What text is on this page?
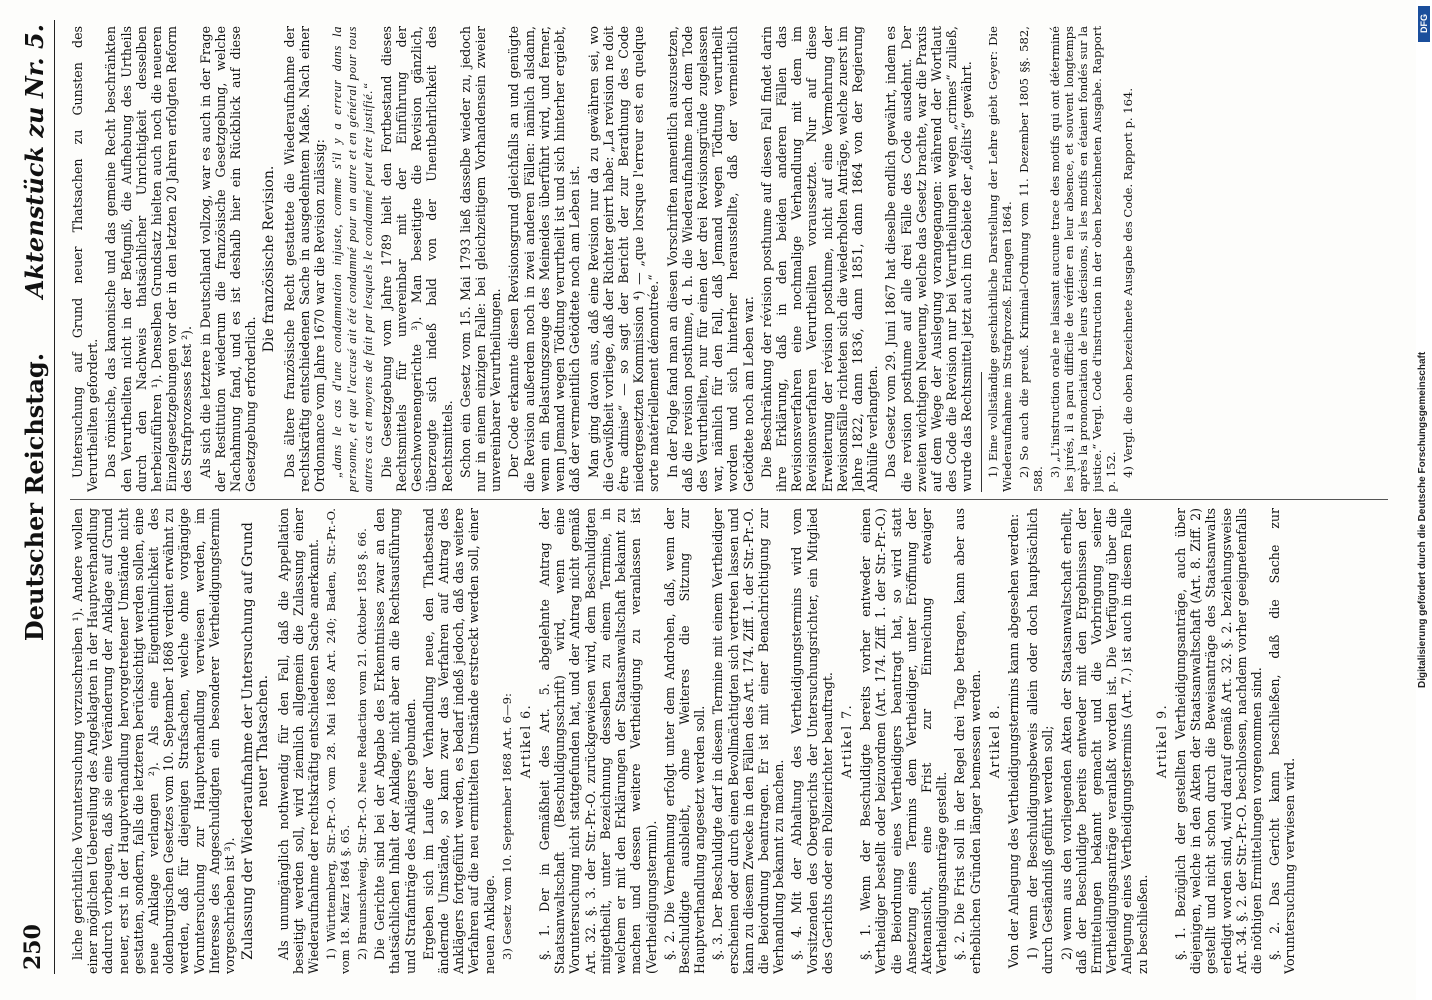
250
Deutscher Reichstag.
Aktenstück zu Nr. 5.

liche gerichtliche Voruntersuchung vorzuschreiben ¹). Andere wollen einer möglichen Uebereilung des Angeklagten in der Hauptverhandlung dadurch vorbeugen, daß sie eine Veränderung der Anklage auf Grund neuer, erst in der Hauptverhandlung hervorgetretener Umstände nicht gestatten, sondern, falls die letzteren berücksichtigt werden sollen, eine neue Anklage verlangen ²). Als eine Eigenthümlichkeit des oldenburgischen Gesetzes vom 10. September 1868 verdient erwähnt zu werden, daß für diejenigen Strafsachen, welche ohne vorgängige Voruntersuchung zur Hauptverhandlung verwiesen werden, im Interesse des Angeschuldigten ein besonderer Vertheidigungstermin vorgeschrieben ist ³). Zulassung der Wiederaufnahme der Untersuchung auf Grund neuer Thatsachen. Als unumgänglich nothwendig für den Fall, daß die Appellation beseitigt werden soll, wird ziemlich allgemein die Zulassung einer Wiederaufnahme der rechtskräftig entschiedenen Sache anerkannt. 1) Württemberg, Str.-Pr.-O. vom 28. Mai 1868 Art. 240; Baden, Str.-Pr.-O. vom 18. März 1864 §. 65. 2) Braunschweig, Str.-Pr.-O. Neue Redaction vom 21. Oktober 1858 §. 66. Die Gerichte sind bei der Abgabe des Erkenntnisses zwar an den thatsächlichen Inhalt der Anklage, nicht aber an die Rechtsausführung und Strafanträge des Anklägers gebunden. Ergeben sich im Laufe der Verhandlung neue, den Thatbestand ändernde Umstände, so kann zwar das Verfahren auf Antrag des Anklägers fortgeführt werden, es bedarf indeß jedoch, daß das weitere Verfahren auf die neu ermittelten Umstände erstreckt werden soll, einer neuen Anklage. 3) Gesetz vom 10. September 1868 Art. 6—9: Artikel 6. §. 1. Der in Gemäßheit des Art. 5. abgelehnte Antrag der Staatsanwaltschaft (Beschuldigungsschrift) wird, wenn eine Voruntersuchung nicht stattgefunden hat, und der Antrag nicht gemäß Art. 32. §. 3. der Str.-Pr.-O. zurückgewiesen wird, dem Beschuldigten mitgetheilt, unter Bezeichnung desselben zu einem Termine, in welchem er mit den Erklärungen der Staatsanwaltschaft bekannt zu machen und dessen weitere Vertheidigung zu veranlassen ist (Vertheidigungstermin). §. 2. Die Vernehmung erfolgt unter dem Androhen, daß, wenn der Beschuldigte ausbleibt, ohne Weiteres die Sitzung zur Hauptverhandlung angesetzt werden soll. §. 3. Der Beschuldigte darf in diesem Termine mit einem Vertheidiger erscheinen oder durch einen Bevollmächtigten sich vertreten lassen und kann zu diesem Zwecke in den Fällen des Art. 174. Ziff. 1. der Str.-Pr.-O. die Beiordnung beantragen. Er ist mit einer Benachrichtigung zur Verhandlung bekannt zu machen. §. 4. Mit der Abhaltung des Vertheidigungstermins wird vom Vorsitzenden des Obergerichts der Untersuchungsrichter, ein Mitglied des Gerichts oder ein Polizeirichter beauftragt. Artikel 7. §. 1. Wenn der Beschuldigte bereits vorher entweder einen Vertheidiger bestellt oder beizuordnen (Art. 174. Ziff. 1. der Str.-Pr.-O.) die Beiordnung eines Vertheidigers beantragt hat, so wird statt Ansetzung eines Termins dem Vertheidiger, unter Eröffnung der Aktenansicht, eine Frist zur Einreichung etwaiger Vertheidigungsanträge gestellt. §. 2. Die Frist soll in der Regel drei Tage betragen, kann aber aus erheblichen Gründen länger bemessen werden. Artikel 8. Von der Anlegung des Vertheidigungstermins kann abgesehen werden: 1) wenn der Beschuldigungsbeweis allein oder doch hauptsächlich durch Geständniß geführt werden soll; 2) wenn aus den vorliegenden Akten der Staatsanwaltschaft erhellt, daß der Beschuldigte bereits entweder mit den Ergebnissen der Ermittelungen bekannt gemacht und die Vorbringung seiner Vertheidigungsanträge veranlaßt worden ist. Die Verfügung über die Anlegung eines Vertheidigungstermins (Art. 7.) ist auch in diesem Falle zu beschließen.

Artikel 9. §. 1. Bezüglich der gestellten Vertheidigungsanträge, auch über diejenigen, welche in den Akten der Staatsanwaltschaft (Art. 8. Ziff. 2) gestellt und nicht schon durch die Beweisanträge des Staatsanwalts erledigt worden sind, wird darauf gemäß Art. 32. §. 2. beziehungsweise Art. 34. §. 2. der Str.-Pr.-O. beschlossen, nachdem vorher geeignetenfalls die nöthigen Ermittelungen vorgenommen sind. §. 2. Das Gericht kann beschließen, daß die Sache zur Voruntersuchung verwiesen wird.

Untersuchung auf Grund neuer Thatsachen zu Gunsten des Verurtheilten gefordert. Das römische, das kanonische und das gemeine Recht beschränkten den Verurtheilten nicht in der Befugniß, die Aufhebung des Urtheils durch den Nachweis thatsächlicher Unrichtigkeit desselben herbeizuführen ¹). Denselben Grundsatz hielten auch noch die neueren Einzelgesetzgebungen vor der in den letzten 20 Jahren erfolgten Reform des Strafprozesses fest ²). Als sich die letztere in Deutschland vollzog, war es auch in der Frage der Restitution wiederum die französische Gesetzgebung, welche Nachahmung fand, und es ist deshalb hier ein Rückblick auf diese Gesetzgebung erforderlich.

Die französische Revision. Das ältere französische Recht gestattete die Wiederaufnahme der rechtskräftig entschiedenen Sache in ausgedehntem Maße. Nach einer Ordonnance vom Jahre 1670 war die Revision zulässig: „dans le cas d'une condamnation injuste, comme s'il y a erreur dans la personne, et que l'accusé ait été condamné pour un autre et en général pour tous autres cas et moyens de fait par lesquels le condamné peut être justifié.“ Die Gesetzgebung vom Jahre 1789 hielt den Fortbestand dieses Rechtsmittels für unvereinbar mit der Einführung der Geschworenengerichte ³). Man beseitigte die Revision gänzlich, überzeugte sich indeß bald von der Unentbehrlichkeit des Rechtsmittels. Schon ein Gesetz vom 15. Mai 1793 ließ dasselbe wieder zu, jedoch nur in einem einzigen Falle: bei gleichzeitigem Vorhandensein zweier unvereinbarer Verurtheilungen. Der Code erkannte diesen Revisionsgrund gleichfalls an und genügte die Revision außerdem noch in zwei anderen Fällen: nämlich alsdann, wenn ein Belastungszeuge des Meineides überführt wird, und ferner, wenn Jemand wegen Tödtung verurtheilt ist und sich hinterher ergiebt, daß der vermeintlich Getödtete noch am Leben ist. Man ging davon aus, daß eine Revision nur da zu gewähren sei, wo die Gewißheit vorliege, daß der Richter geirrt habe: „La revision ne doit être admise“ — so sagt der Bericht der zur Berathung des Code niedergesetzten Kommission ⁴) — „que lorsque l'erreur est en quelque sorte matériellement démontrée.“ In der Folge fand man an diesen Vorschriften namentlich auszusetzen, daß die revision posthume, d. h. die Wiederaufnahme nach dem Tode des Verurtheilten, nur für einen der drei Revisionsgründe zugelassen war, nämlich für den Fall, daß Jemand wegen Tödtung verurtheilt worden und sich hinterher herausstellte, daß der vermeintlich Getödtete noch am Leben war. Die Beschränkung der révision posthume auf diesen Fall findet darin ihre Erklärung, daß in den beiden anderen Fällen das Revisionsverfahren eine nochmalige Verhandlung mit dem im Revisionsverfahren Verurtheilten voraussetzte. Nur auf diese Erweiterung der révision posthume, nicht auf eine Vermehrung der Revisionsfälle richteten sich die wiederholten Anträge, welche zuerst im Jahre 1822, dann 1836, dann 1851, dann 1864 von der Regierung Abhülfe verlangten. Das Gesetz vom 29. Juni 1867 hat dieselbe endlich gewährt, indem es die revision posthume auf alle drei Fälle des Code ausdehnt. Der zweiten wichtigen Neuerung, welche das Gesetz brachte, war die Praxis auf dem Wege der Auslegung vorangegangen: während der Wortlaut des Code die Revision nur bei Verurtheilungen wegen „crimes“ zuließ, wurde das Rechtsmittel jetzt auch im Gebiete der „délits“ gewährt. 1) Eine vollständige geschichtliche Darstellung der Lehre giebt Geyer: Die Wiederaufnahme im Strafprozeß. Erlangen 1864. 2) So auch die preuß. Kriminal-Ordnung vom 11. Dezember 1805 §§. 582, 588.

3) „L'instruction orale ne laissant aucune trace des motifs qui ont déterminé les jurés, il a paru difficile de vérifier en leur absence, et souvent longtemps après la prononciation de leurs décisions, si les motifs en étaient fondés sur la justice.“ Vergl. Code d'instruction in der oben bezeichneten Ausgabe. Rapport p. 152. 4) Vergl. die oben bezeichnete Ausgabe des Code. Rapport p. 164.

DFG
Digitalisierung gefördert durch die Deutsche Forschungsgemeinschaft
